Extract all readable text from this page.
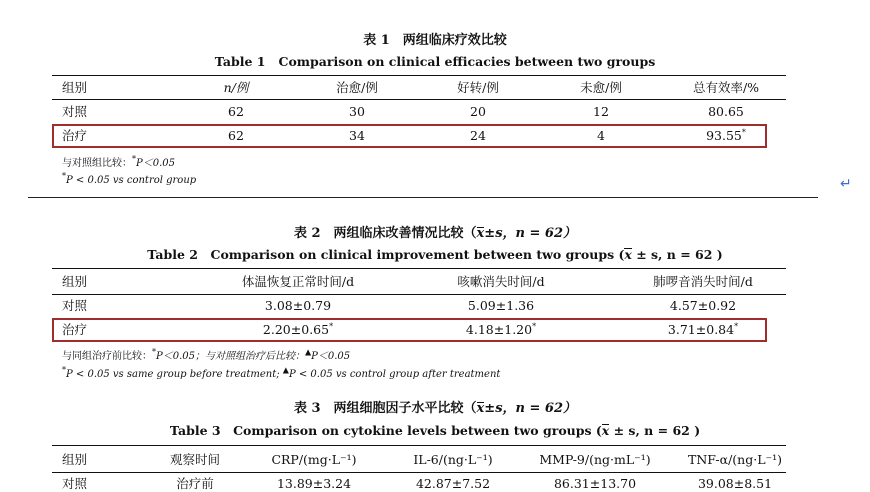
表 1　两组临床疗效比较
Table 1 Comparison on clinical efficacies between two groups
组别	n/例	治愈/例	好转/例	未愈/例	总有效率/%
对照	62	30	20	12	80.65
治疗	62	34	24	4	93.55*
与对照组比较：*P＜0.05
*P < 0.05 vs control group	↵
表 2　两组临床改善情况比较（x±s，n = 62）
Table 2　Comparison on clinical improvement between two groups (x ± s, n = 62 )
组别	体温恢复正常时间/d	咳嗽消失时间/d	肺啰音消失时间/d
对照	3.08±0.79	5.09±1.36	4.57±0.92
治疗	2.20±0.65*	4.18±1.20*	3.71±0.84*
与同组治疗前比较：*P＜0.05；与对照组治疗后比较：▲P＜0.05
*P < 0.05 vs same group before treatment; ▲P < 0.05 vs control group after treatment
表 3　两组细胞因子水平比较（x±s，n = 62）
Table 3　Comparison on cytokine levels between two groups (x ± s, n = 62 )
组别	观察时间	CRP/(mg·L⁻¹)	IL-6/(ng·L⁻¹)	MMP-9/(ng·mL⁻¹)	TNF-α/(ng·L⁻¹)
对照	治疗前	13.89±3.24	42.87±7.52	86.31±13.70	39.08±8.51
